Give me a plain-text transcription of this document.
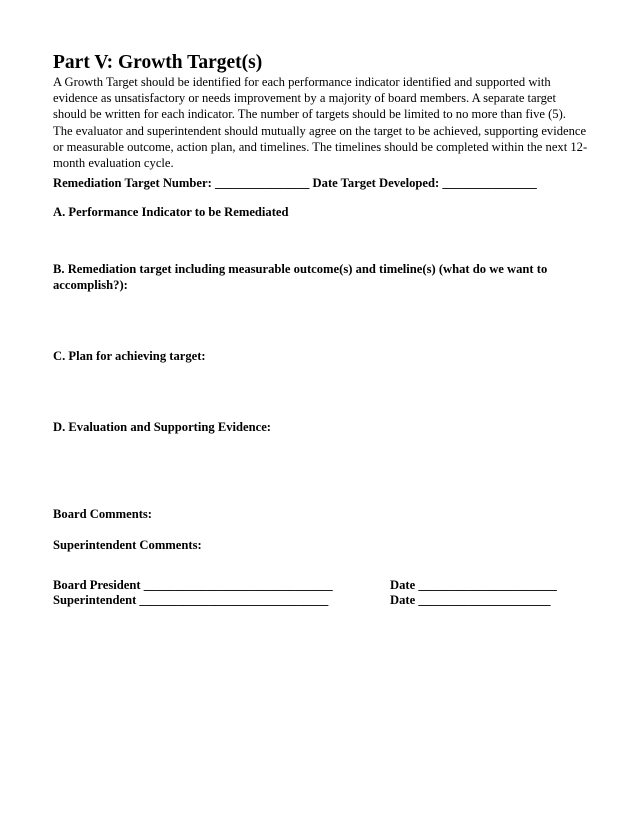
Part V: Growth Target(s)
A Growth Target should be identified for each performance indicator identified and supported with
evidence as unsatisfactory or needs improvement by a majority of board members. A separate target
should be written for each indicator. The number of targets should be limited to no more than five (5).
The evaluator and superintendent should mutually agree on the target to be achieved, supporting evidence
or measurable outcome, action plan, and timelines. The timelines should be completed within the next 12-
month evaluation cycle.
Remediation Target Number: _______________ Date Target Developed: _______________
A. Performance Indicator to be Remediated
B. Remediation target including measurable outcome(s) and timeline(s) (what do we want to
accomplish?):
C. Plan for achieving target:
D. Evaluation and Supporting Evidence:
Board Comments:
Superintendent Comments:
Board President ______________________________	Date ______________________
Superintendent ______________________________	Date _____________________
